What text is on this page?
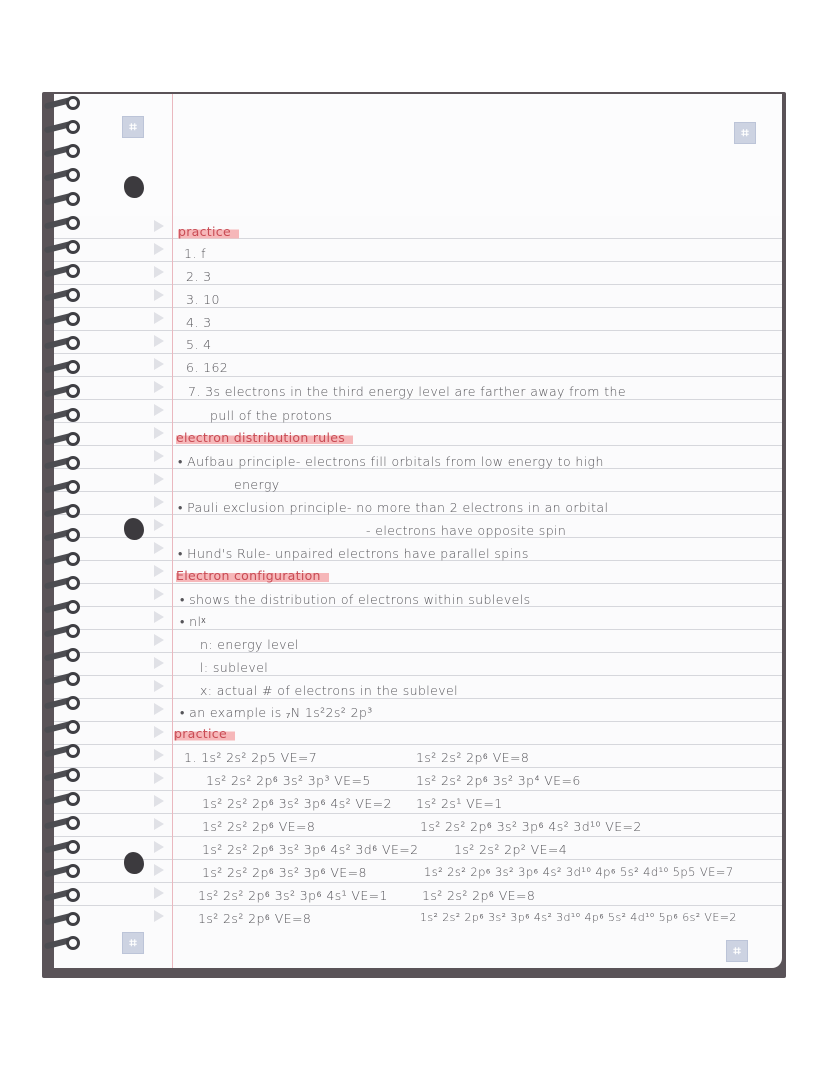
⌗	⌗
⌗
⌗
practice
1. f
2. 3
3. 10
4. 3
5. 4
6. 162
7. 3s electrons in the third energy level are farther away from the
pull of the protons
electron distribution rules
• Aufbau principle- electrons fill orbitals from low energy to high
energy
• Pauli exclusion principle- no more than 2 electrons in an orbital
- electrons have opposite spin
• Hund's Rule- unpaired electrons have parallel spins
Electron configuration
• shows the distribution of electrons within sublevels
• nlˣ
n: energy level
l: sublevel
x: actual # of electrons in the sublevel
• an example is ₇N 1s²2s² 2p³
practice
1. 1s² 2s² 2p5 VE=7
1s² 2s² 2p⁶ 3s² 3p³ VE=5
1s² 2s² 2p⁶ 3s² 3p⁶ 4s² VE=2
1s² 2s² 2p⁶ VE=8
1s² 2s² 2p⁶ 3s² 3p⁶ 4s² 3d⁶ VE=2
1s² 2s² 2p⁶ 3s² 3p⁶ VE=8
1s² 2s² 2p⁶ 3s² 3p⁶ 4s¹ VE=1
1s² 2s² 2p⁶ VE=8
1s² 2s² 2p⁶ VE=8
1s² 2s² 2p⁶ 3s² 3p⁴ VE=6
1s² 2s¹ VE=1
1s² 2s² 2p⁶ 3s² 3p⁶ 4s² 3d¹⁰ VE=2
1s² 2s² 2p² VE=4
1s² 2s² 2p⁶ 3s² 3p⁶ 4s² 3d¹⁰ 4p⁶ 5s² 4d¹⁰ 5p5 VE=7
1s² 2s² 2p⁶ VE=8
1s² 2s² 2p⁶ 3s² 3p⁶ 4s² 3d¹⁰ 4p⁶ 5s² 4d¹⁰ 5p⁶ 6s² VE=2
